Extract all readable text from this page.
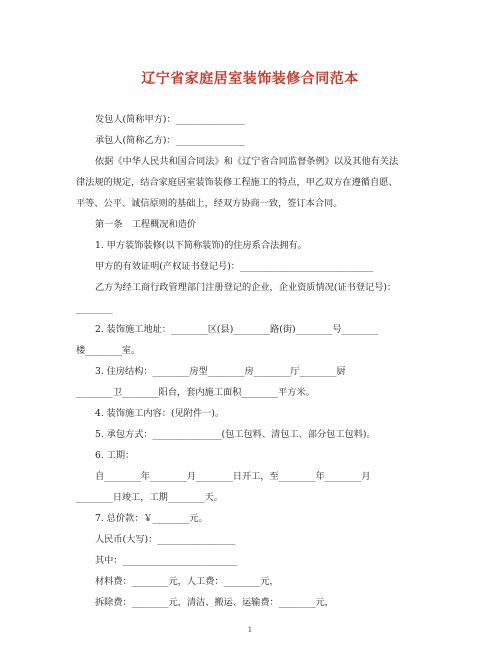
辽宁省家庭居室装饰装修合同范本
发包人(简称甲方)：_______________
承包人(简称乙方)：_______________
依据《中华人民共和国合同法》和《辽宁省合同监督条例》以及其他有关法
律法规的规定，结合家庭居室装饰装修工程施工的特点，甲乙双方在遵循自愿、
平等、公平、诚信原则的基础上，经双方协商一致，签订本合同。
第一条　工程概况和造价
1. 甲方装饰装修(以下简称装饰)的住房系合法拥有。
甲方的有效证明(产权证书登记号)：_____________________________
乙方为经工商行政管理部门注册登记的企业，企业资质情况(证书登记号)：
________
2. 装饰施工地址：________区(县)________路(街)________号________
楼________室。
3. 住房结构：________房型________房________厅________厨
________卫________阳台，套内施工面积________平方米。
4. 装饰施工内容：(见附件一)。
5. 承包方式：_______________(包工包料、清包工、部分包工包料)。
6. 工期：
自________年________月________日开工，至________年________月
________日竣工，工期________天。
7. 总价款：￥________元。
人民币(大写)：_________________
其中：_________________________
材料费：________元，人工费：________元，
拆除费：________元，清洁、搬运、运输费：________元，
1
